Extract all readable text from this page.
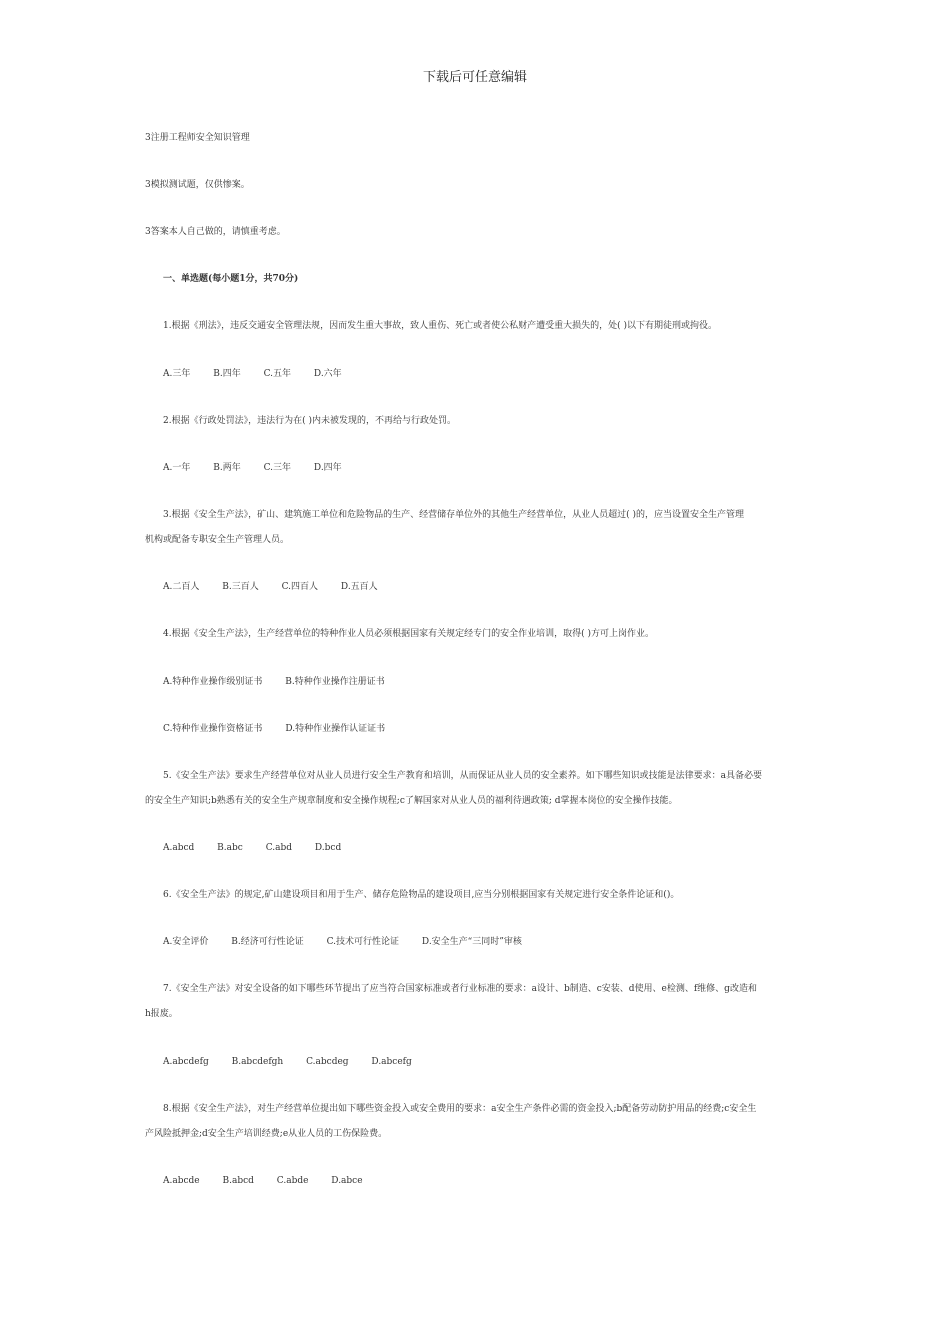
下载后可任意编辑
3注册工程师安全知识管理
3模拟测试题，仅供惨案。
3答案本人自己做的，请慎重考虑。
一、单选题(每小题1分，共70分)
1.根据《刑法》，违反交通安全管理法规，因而发生重大事故，致人重伤、死亡或者使公私财产遭受重大损失的，处( )以下有期徒刑或拘役。
A.三年	B.四年	C.五年	D.六年
2.根据《行政处罚法》，违法行为在( )内未被发现的，不再给与行政处罚。
A.一年	B.两年	C.三年	D.四年
3.根据《安全生产法》，矿山、建筑施工单位和危险物品的生产、经营储存单位外的其他生产经营单位，从业人员超过( )的，应当设置安全生产管理
机构或配备专职安全生产管理人员。
A.二百人	B.三百人	C.四百人	D.五百人
4.根据《安全生产法》，生产经营单位的特种作业人员必须根据国家有关规定经专门的安全作业培训，取得( )方可上岗作业。
A.特种作业操作级别证书	B.特种作业操作注册证书
C.特种作业操作资格证书	D.特种作业操作认证证书
5.《安全生产法》要求生产经营单位对从业人员进行安全生产教育和培训，从而保证从业人员的安全素养。如下哪些知识或技能是法律要求：a具备必要
的安全生产知识;b熟悉有关的安全生产规章制度和安全操作规程;c了解国家对从业人员的福利待遇政策; d掌握本岗位的安全操作技能。
A.abcd	B.abc	C.abd	D.bcd
6.《安全生产法》的规定,矿山建设项目和用于生产、储存危险物品的建设项目,应当分别根据国家有关规定进行安全条件论证和()。
A.安全评价	B.经济可行性论证	C.技术可行性论证	D.安全生产“三同时”审核
7.《安全生产法》对安全设备的如下哪些环节提出了应当符合国家标准或者行业标准的要求：a设计、b制造、c安装、d使用、e检测、f维修、g改造和
h报废。
A.abcdefg	B.abcdefgh	C.abcdeg	D.abcefg
8.根据《安全生产法》，对生产经营单位提出如下哪些资金投入或安全费用的要求：a安全生产条件必需的资金投入;b配备劳动防护用品的经费;c安全生
产风险抵押金;d安全生产培训经费;e从业人员的工伤保险费。
A.abcde	B.abcd	C.abde	D.abce
